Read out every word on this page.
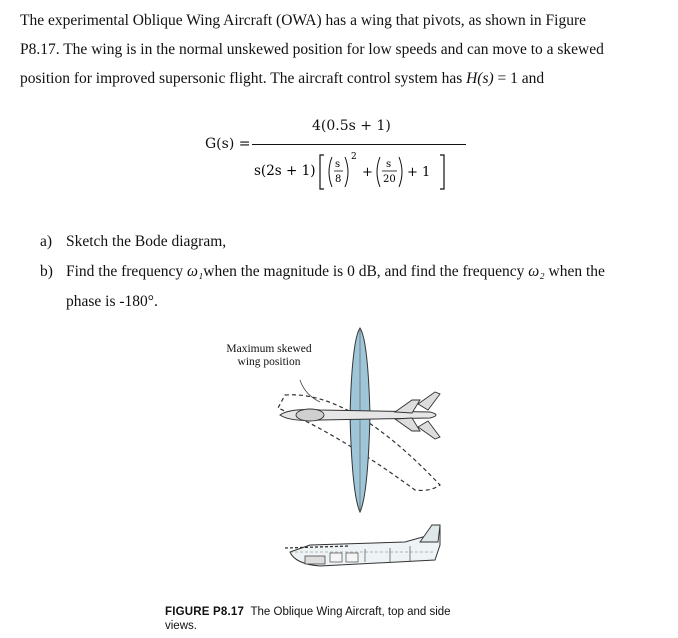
The experimental Oblique Wing Aircraft (OWA) has a wing that pivots, as shown in Figure
P8.17. The wing is in the normal unskewed position for low speeds and can move to a skewed
position for improved supersonic flight. The aircraft control system has H(s) = 1 and
G(s) =
4(0.5s + 1)
s(2s + 1) s
8
2
+
s
20 + 1
a) Sketch the Bode diagram,
b) Find the frequency ω₁when the magnitude is 0 dB, and find the frequency ω₂ when the
phase is -180°.
Maximum skewed
wing position
FIGURE P8.17 The Oblique Wing Aircraft, top and side
views.
